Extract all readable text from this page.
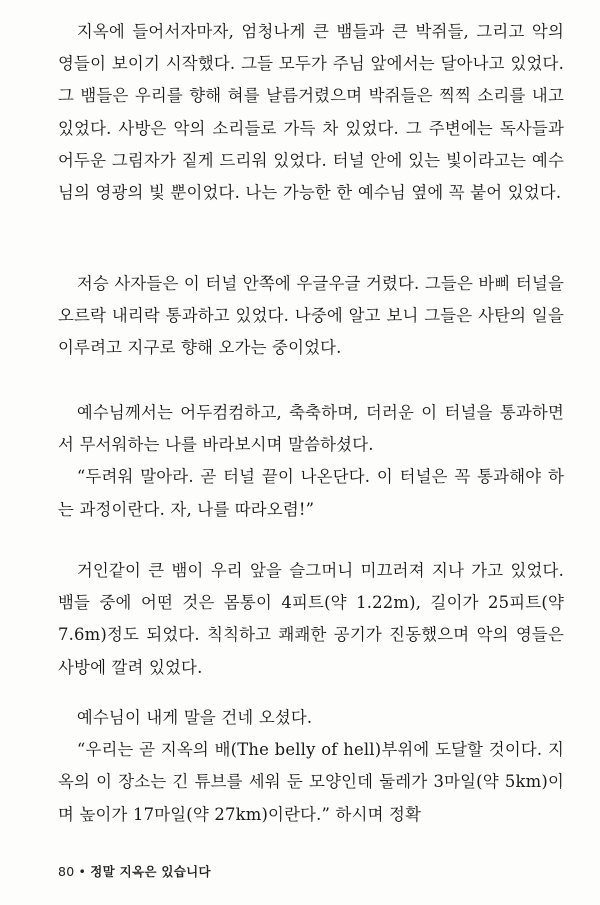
지옥에 들어서자마자, 엄청나게 큰 뱀들과 큰 박쥐들, 그리고 악의 영들이 보이기 시작했다. 그들 모두가 주님 앞에서는 달아나고 있었다. 그 뱀들은 우리를 향해 혀를 날름거렸으며 박쥐들은 찍찍 소리를 내고 있었다. 사방은 악의 소리들로 가득 차 있었다. 그 주변에는 독사들과 어두운 그림자가 짙게 드리워 있었다. 터널 안에 있는 빛이라고는 예수님의 영광의 빛 뿐이었다. 나는 가능한 한 예수님 옆에 꼭 붙어 있었다.

저승 사자들은 이 터널 안쪽에 우글우글 거렸다. 그들은 바삐 터널을 오르락 내리락 통과하고 있었다. 나중에 알고 보니 그들은 사탄의 일을 이루려고 지구로 향해 오가는 중이었다.

예수님께서는 어두컴컴하고, 축축하며, 더러운 이 터널을 통과하면서 무서워하는 나를 바라보시며 말씀하셨다.

“두려워 말아라. 곧 터널 끝이 나온단다. 이 터널은 꼭 통과해야 하는 과정이란다. 자, 나를 따라오렴!”

거인같이 큰 뱀이 우리 앞을 슬그머니 미끄러져 지나 가고 있었다. 뱀들 중에 어떤 것은 몸통이 4피트(약 1.22m), 길이가 25피트(약 7.6m)정도 되었다. 칙칙하고 쾌쾌한 공기가 진동했으며 악의 영들은 사방에 깔려 있었다.

예수님이 내게 말을 건네 오셨다.

“우리는 곧 지옥의 배(The belly of hell)부위에 도달할 것이다. 지옥의 이 장소는 긴 튜브를 세워 둔 모양인데 둘레가 3마일(약 5km)이며 높이가 17마일(약 27km)이란다.” 하시며 정확

80 • 정말 지옥은 있습니다
